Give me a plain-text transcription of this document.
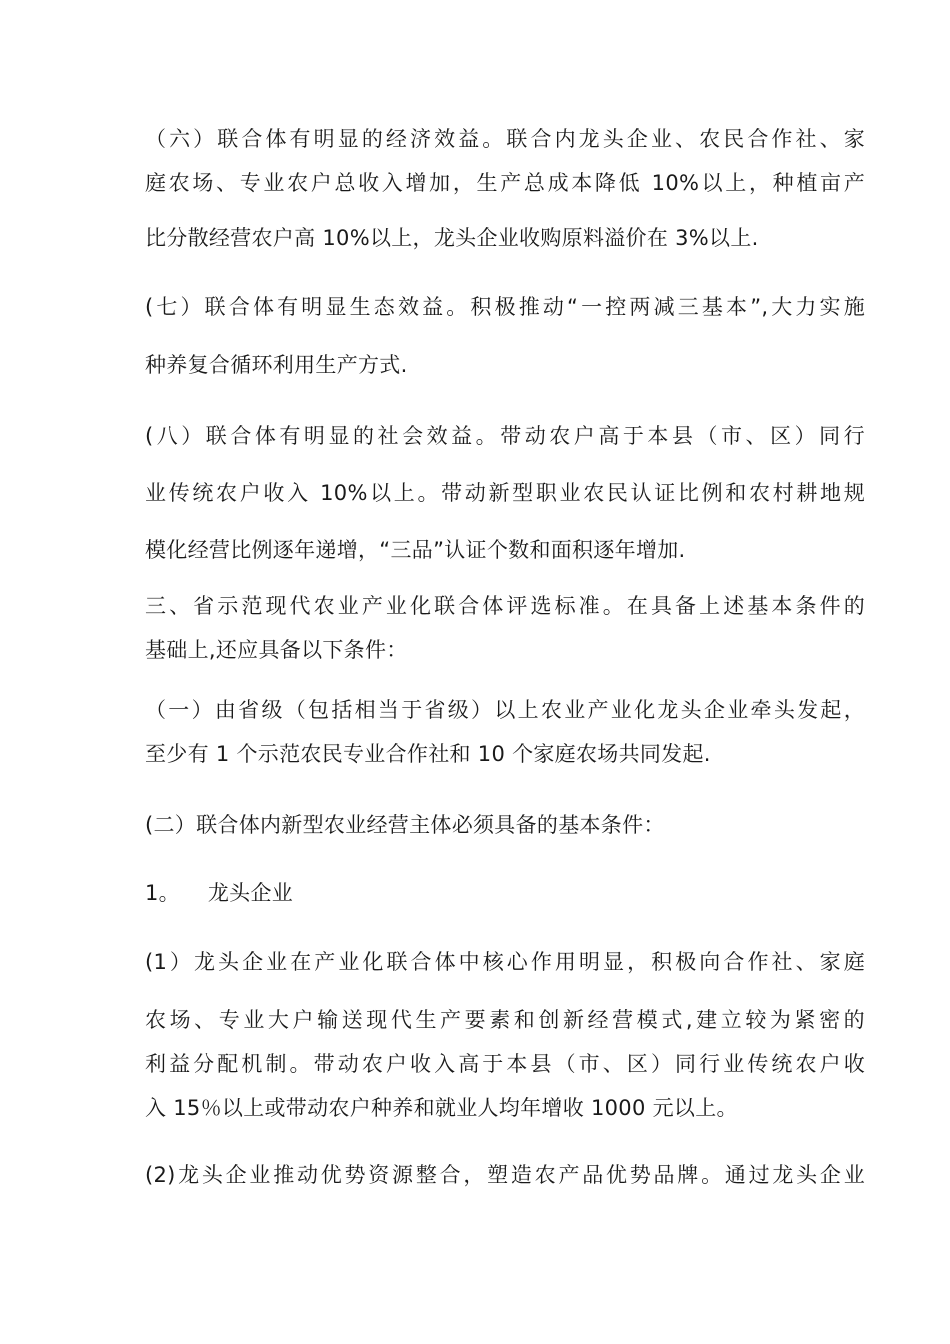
（六）联合体有明显的经济效益。联合内龙头企业、农民合作社、家
庭农场、专业农户总收入增加，生产总成本降低 10%以上，种植亩产
比分散经营农户高 10%以上，龙头企业收购原料溢价在 3%以上.
(七）联合体有明显生态效益。积极推动“一控两减三基本”,大力实施
种养复合循环利用生产方式.
(八）联合体有明显的社会效益。带动农户高于本县（市、区）同行
业传统农户收入 10%以上。带动新型职业农民认证比例和农村耕地规
模化经营比例逐年递增，“三品”认证个数和面积逐年增加.
三、省示范现代农业产业化联合体评选标准。在具备上述基本条件的
基础上,还应具备以下条件：
（一）由省级（包括相当于省级）以上农业产业化龙头企业牵头发起，
至少有 1 个示范农民专业合作社和 10 个家庭农场共同发起.
(二）联合体内新型农业经营主体必须具备的基本条件：
1。    龙头企业
(1）龙头企业在产业化联合体中核心作用明显，积极向合作社、家庭
农场、专业大户输送现代生产要素和创新经营模式,建立较为紧密的
利益分配机制。带动农户收入高于本县（市、区）同行业传统农户收
入 15％以上或带动农户种养和就业人均年增收 1000 元以上。
(2)龙头企业推动优势资源整合，塑造农产品优势品牌。通过龙头企业
